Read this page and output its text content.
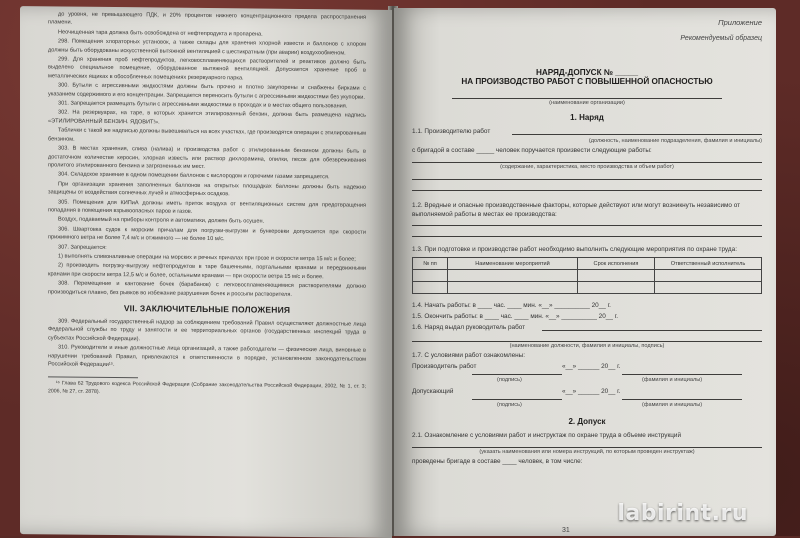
до уровня, не превышающего ПДК, и 20% процентов нижнего концентрационного предела распространения пламени.

Неочищенная тара должна быть освобождена от нефтепродукта и пропарена.

298. Помещения хлораторных установок, а также склады для хранения хлорной извести и баллонов с хлором должны быть оборудованы искусственной вытяжной вентиляцией с шестикратным (при аварии) воздухообменом.

299. Для хранения проб нефтепродуктов, легковоспламеняющихся растворителей и реактивов должно быть выделено специальное помещение, оборудованное вытяжной вентиляцией. Допускается хранение проб в металлических ящиках в обособленных помещениях резервуарного парка.

300. Бутыли с агрессивными жидкостями должны быть прочно и плотно закупорены и снабжены бирками с указанием содержимого и его концентрации. Запрещается переносить бутыли с агрессивными жидкостями без укупорки.

301. Запрещается размещать бутыли с агрессивными жидкостями в проходах и в местах общего пользования.

302. На резервуарах, на таре, в которых хранится этилированный бензин, должна быть размещена надпись «ЭТИЛИРОВАННЫЙ БЕНЗИН. ЯДОВИТ!».

Таблички с такой же надписью должны вывешиваться на всех участках, где производятся операции с этилированным бензином.

303. В местах хранения, слива (налива) и производства работ с этилированным бензином должны быть в достаточном количестве керосин, хлорная известь или раствор дихлорамина, опилки, песок для обезвреживания пролитого этилированного бензина и загрязненных им мест.

304. Складское хранение в одном помещении баллонов с кислородом и горючими газами запрещается.

При организации хранения заполненных баллонов на открытых площадках баллоны должны быть надежно защищены от воздействия солнечных лучей и атмосферных осадков.

305. Помещения для КИПиА должны иметь приток воздуха от вентиляционных систем для предотвращения попадания в помещения взрывоопасных паров и газов.

Воздух, подаваемый на приборы контроля и автоматики, должен быть осушен.

306. Швартовка судов к морским причалам для погрузки-выгрузки и бункеровки допускается при скорости прижимного ветра не более 7,4 м/с и отжимного — не более 10 м/с.

307. Запрещается:

1) выполнять сливоналивные операции на морских и речных причалах при грозе и скорости ветра 15 м/с и более;

2) производить погрузку-выгрузку нефтепродуктов в таре башенными, портальными кранами и передвижными кранами при скорости ветра 12,5 м/с и более, остальными кранами — при скорости ветра 15 м/с и более.

308. Перемещение и кантование бочек (барабанов) с легковоспламеняющимися растворителями должно производиться плавно, без рывков во избежание разрушения бочек и россыпи растворителя.

VII. ЗАКЛЮЧИТЕЛЬНЫЕ ПОЛОЖЕНИЯ

309. Федеральный государственный надзор за соблюдением требований Правил осуществляют должностные лица Федеральной службы по труду и занятости и ее территориальных органов (государственных инспекций труда в субъектах Российской Федерации).

310. Руководители и иные должностные лица организаций, а также работодатели — физические лица, виновные в нарушении требований Правил, привлекаются к ответственности в порядке, установленном законодательством Российской Федерации¹⁵.

¹⁵ Глава 62 Трудового кодекса Российской Федерации (Собрание законодательства Российской Федерации, 2002, № 1, ст. 3; 2006, № 27, ст. 2878).

Приложение

Рекомендуемый образец

НАРЯД-ДОПУСК № _____

НА ПРОИЗВОДСТВО РАБОТ С ПОВЫШЕННОЙ ОПАСНОСТЬЮ

(наименование организации)

1. Наряд

1.1. Производителю работ
(должность, наименование подразделения, фамилия и инициалы)
с бригадой в составе _____ человек поручается произвести следующие работы:
(содержание, характеристика, место производства и объем работ)
1.2. Вредные и опасные производственные факторы, которые действуют или могут возникнуть независимо от выполняемой работы в местах ее производства:
1.3. При подготовке и производстве работ необходимо выполнить следующие мероприятия по охране труда:
№ пп	Наименование мероприятий	Срок исполнения	Ответственный исполнитель

1.4. Начать работы: в ____ час. ____ мин. «__» __________ 20__ г.
1.5. Окончить работы: в ____ час. ____ мин. «__» __________ 20__ г.
1.6. Наряд выдал руководитель работ
(наименование должности, фамилия и инициалы, подпись)
1.7. С условиями работ ознакомлены:
Производитель работ	«__» ______ 20__ г.
(подпись)	(фамилия и инициалы)
Допускающий	«__» ______ 20__ г.
(подпись)	(фамилия и инициалы)

2. Допуск

2.1. Ознакомление с условиями работ и инструктаж по охране труда в объеме инструкций
(указать наименования или номера инструкций, по которым проведен инструктаж)
проведены бригаде в составе ____ человек, в том числе:
31
labirint.ru
